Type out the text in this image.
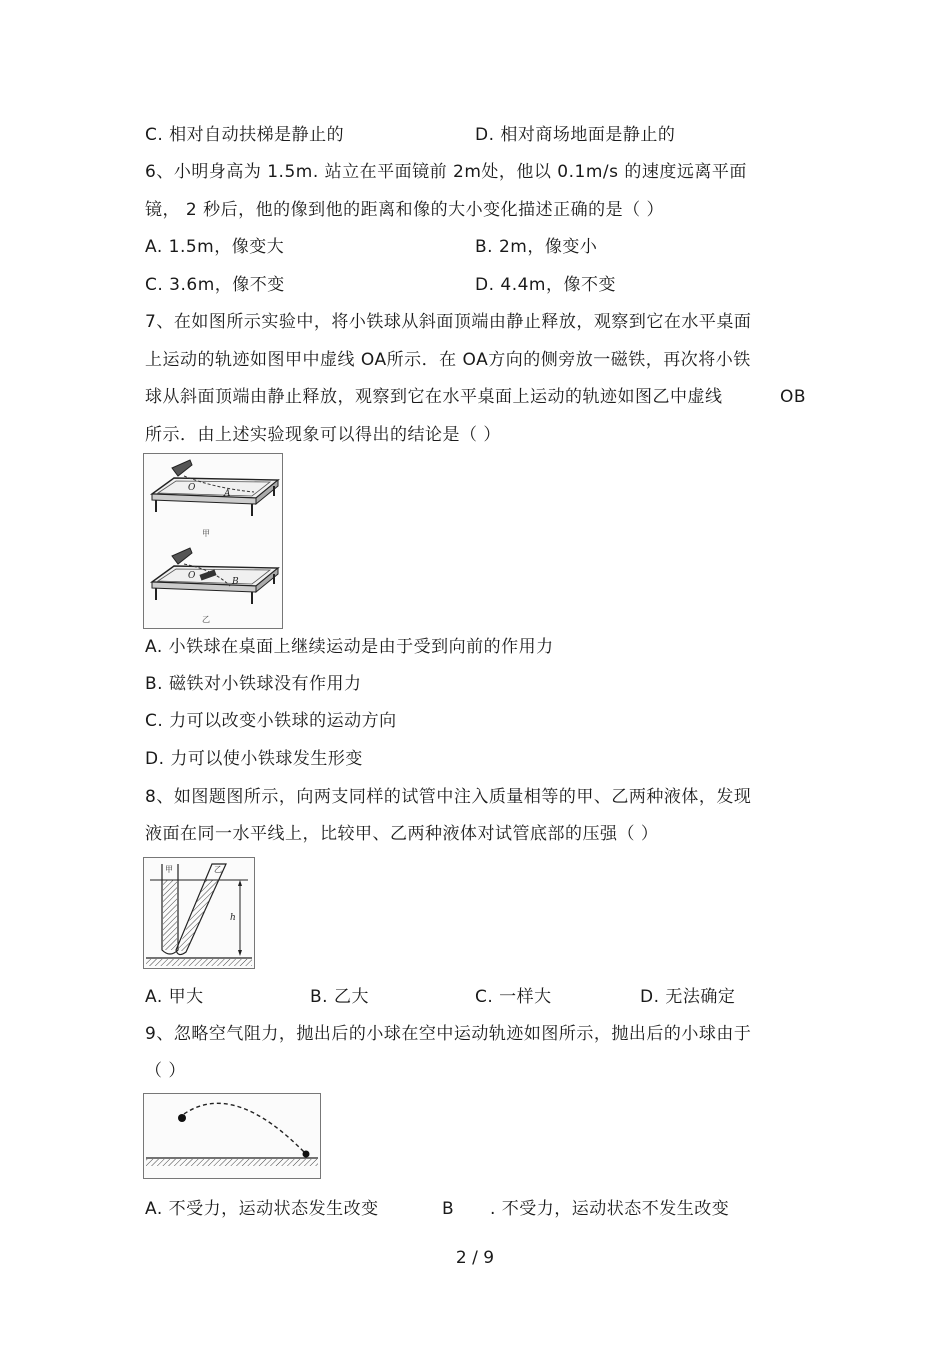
C. 相对自动扶梯是静止的	D. 相对商场地面是静止的
6、小明身高为 1.5m. 站立在平面镜前 2m处，他以 0.1m/s 的速度远离平面
镜， 2 秒后，他的像到他的距离和像的大小变化描述正确的是（ ）
A. 1.5m，像变大	B. 2m，像变小
C. 3.6m，像不变	D. 4.4m，像不变
7、在如图所示实验中，将小铁球从斜面顶端由静止释放，观察到它在水平桌面
上运动的轨迹如图甲中虚线 OA所示．在 OA方向的侧旁放一磁铁，再次将小铁
球从斜面顶端由静止释放，观察到它在水平桌面上运动的轨迹如图乙中虚线	OB
所示．由上述实验现象可以得出的结论是（ ）
O
A
甲
O
B
乙
A. 小铁球在桌面上继续运动是由于受到向前的作用力
B. 磁铁对小铁球没有作用力
C. 力可以改变小铁球的运动方向
D. 力可以使小铁球发生形变
8、如图题图所示，向两支同样的试管中注入质量相等的甲、乙两种液体，发现
液面在同一水平线上，比较甲、乙两种液体对试管底部的压强（ ）
h
甲	乙
A. 甲大	B. 乙大	C. 一样大	D. 无法确定
9、忽略空气阻力，抛出后的小球在空中运动轨迹如图所示，抛出后的小球由于
（ ）
A. 不受力，运动状态发生改变	B . 不受力，运动状态不发生改变
2 / 9
